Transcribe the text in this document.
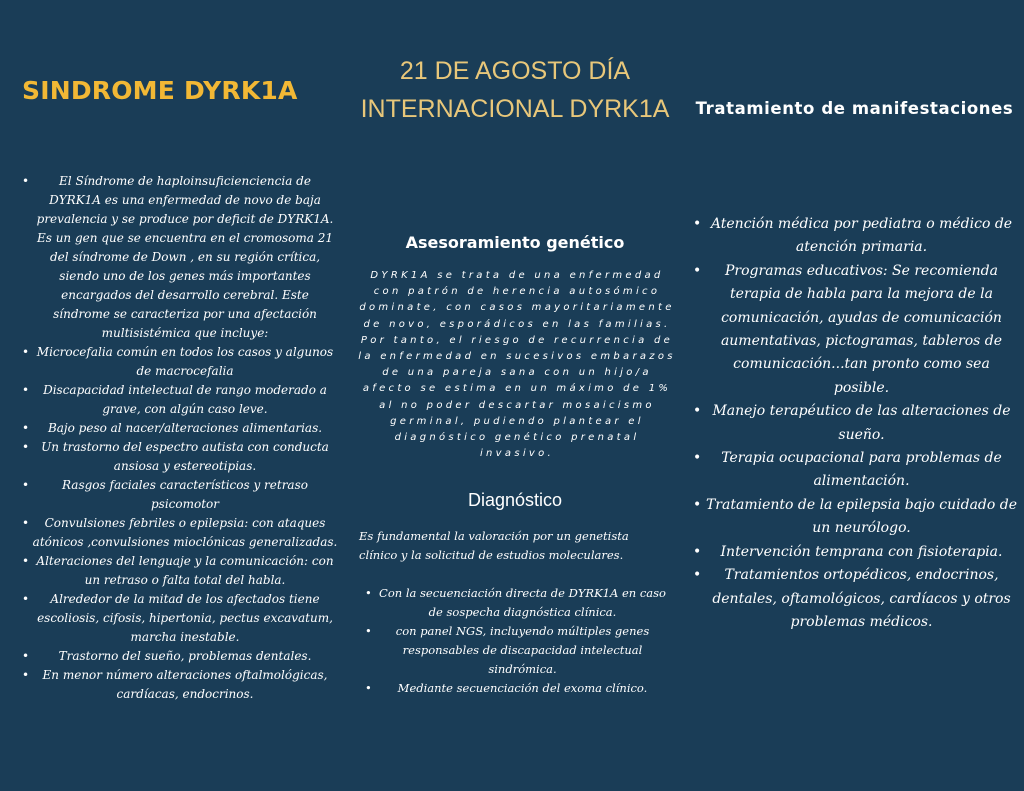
SINDROME DYRK1A
• El Síndrome de haploinsuficienciencia de DYRK1A es una enfermedad de novo de baja prevalencia y se produce por deficit de DYRK1A. Es un gen que se encuentra en el cromosoma 21 del síndrome de Down , en su región crítica, siendo uno de los genes más importantes encargados del desarrollo cerebral. Este síndrome se caracteriza por una afectación multisistémica que incluye:
• Microcefalia común en todos los casos y algunos de macrocefalia
• Discapacidad intelectual de rango moderado a grave, con algún caso leve.
• Bajo peso al nacer/alteraciones alimentarias.
• Un trastorno del espectro autista con conducta ansiosa y estereotipias.
•	Rasgos faciales característicos y retraso psicomotor
• Convulsiones febriles o epilepsia: con ataques atónicos ,convulsiones mioclónicas generalizadas.
• Alteraciones del lenguaje y la comunicación: con un retraso o falta total del habla.
• Alrededor de la mitad de los afectados tiene escoliosis, cifosis, hipertonia, pectus excavatum, marcha inestable.
• Trastorno del sueño, problemas dentales.
• En menor número alteraciones oftalmológicas, cardíacas, endocrinos.
21 DE AGOSTO DÍA INTERNACIONAL DYRK1A
Asesoramiento genético

DYRK1A se trata de una enfermedad con patrón de herencia autosómico dominate, con casos mayoritariamente de novo, esporádicos en las familias. Por tanto, el riesgo de recurrencia de la enfermedad en sucesivos embarazos de una pareja sana con un hijo/a afecto se estima en un máximo de 1% al no poder descartar mosaicismo germinal, pudiendo plantear el diagnóstico genético prenatal invasivo.

Diagnóstico

Es fundamental la valoración por un genetista clínico y la solicitud de estudios moleculares.

• Con la secuenciación directa de DYRK1A en caso de sospecha diagnóstica clínica.
• con panel NGS, incluyendo múltiples genes responsables de discapacidad intelectual sindrómica.
• Mediante secuenciación del exoma clínico.
Tratamiento de manifestaciones
• Atención médica por pediatra o médico de atención primaria.
• Programas educativos: Se recomienda terapia de habla para la mejora de la comunicación, ayudas de comunicación aumentativas, pictogramas, tableros de comunicación...tan pronto como sea posible.
• Manejo terapéutico de las alteraciones de sueño.
• Terapia ocupacional para problemas de alimentación.
• Tratamiento de la epilepsia bajo cuidado de un neurólogo.
• Intervención temprana con fisioterapia.
• Tratamientos ortopédicos, endocrinos, dentales, oftamológicos, cardíacos y otros problemas médicos.
